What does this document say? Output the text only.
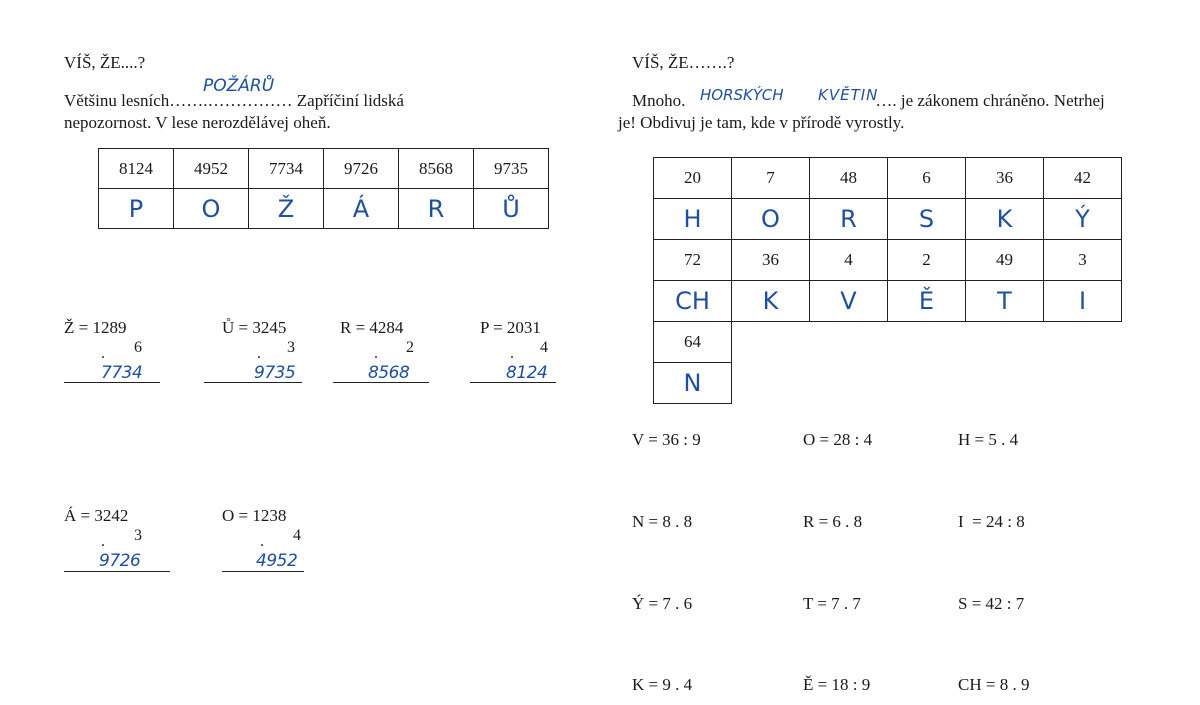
VÍŠ, ŽE....?
Většinu lesních…….…………… Zapříčiní lidská
POŽÁRŮ
nepozornost. V lese nerozdělávej oheň.
8124	4952	7734	9726	8568	9735
P	O	Ž	Á	R	Ů
Ž = 1289
6
.
7734
Ů = 3245
3
.
9735
R = 4284
2
.
8568
P = 2031
4
.
8124
Á = 3242
3
.
9726
O = 1238
4
.
4952
VÍŠ, ŽE…….?
Mnoho.	…. je zákonem chráněno. Netrhej
HORSKÝCH KVĚTIN
je! Obdivuj je tam, kde v přírodě vyrostly.
20	7	48	6	36	42
H	O	R	S	K	Ý
72	36	4	2	49	3
CH	K	V	Ě	T	I
64					
N					
V = 36 : 9	O = 28 : 4	H = 5 . 4
N = 8 . 8	R = 6 . 8	I  = 24 : 8
Ý = 7 . 6	T = 7 . 7	S = 42 : 7
K = 9 . 4	Ě = 18 : 9	CH = 8 . 9
